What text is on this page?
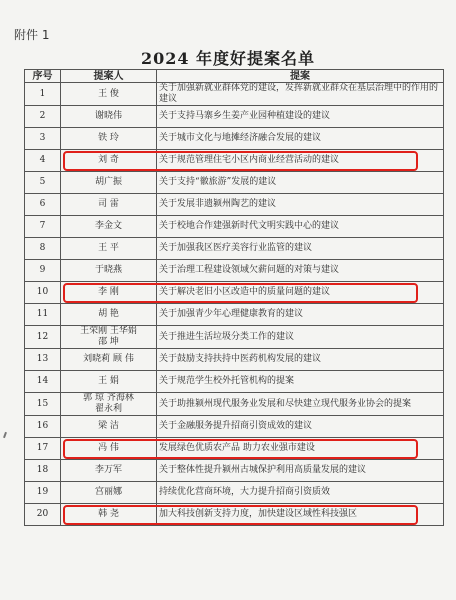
附件 1
2024 年度好提案名单
序号	提案人	提案
1	王 俊	关于加强新就业群体党的建设，发挥新就业群众在基层治理中的作用的建议
2	谢晓伟	关于支持马寨乡生姜产业园种植建设的建议
3	铁 玲	关于城市文化与地摊经济融合发展的建议
4	刘 奇	关于规范管理住宅小区内商业经营活动的建议
5	胡广振	关于支持“徽旅游”发展的建议
6	司 雷	关于发展非遗颍州陶艺的建议
7	李金文	关于校地合作建强新时代文明实践中心的建议
8	王 平	关于加强我区医疗美容行业监管的建议
9	于晓燕	关于治理工程建设领域欠薪问题的对策与建议
10	李 刚	关于解决老旧小区改造中的质量问题的建议
11	胡 艳	关于加强青少年心理健康教育的建议
12	王荣刚 王华娟
邵 坤	关于推进生活垃圾分类工作的建议
13	刘晓莉 顾 伟	关于鼓励支持扶持中医药机构发展的建议
14	王 娟	关于规范学生校外托管机构的提案
15	郭 琼 齐海林
翟永利	关于助推颍州现代服务业发展和尽快建立现代服务业协会的提案
16	梁 洁	关于金融服务提升招商引资成效的建议
17	冯 伟	发展绿色优质农产品 助力农业强市建设
18	李万军	关于整体性提升颍州古城保护利用高质量发展的建议
19	宫丽娜	持续优化营商环境，大力提升招商引资质效
20	韩 尧	加大科技创新支持力度，加快建设区域性科技强区
